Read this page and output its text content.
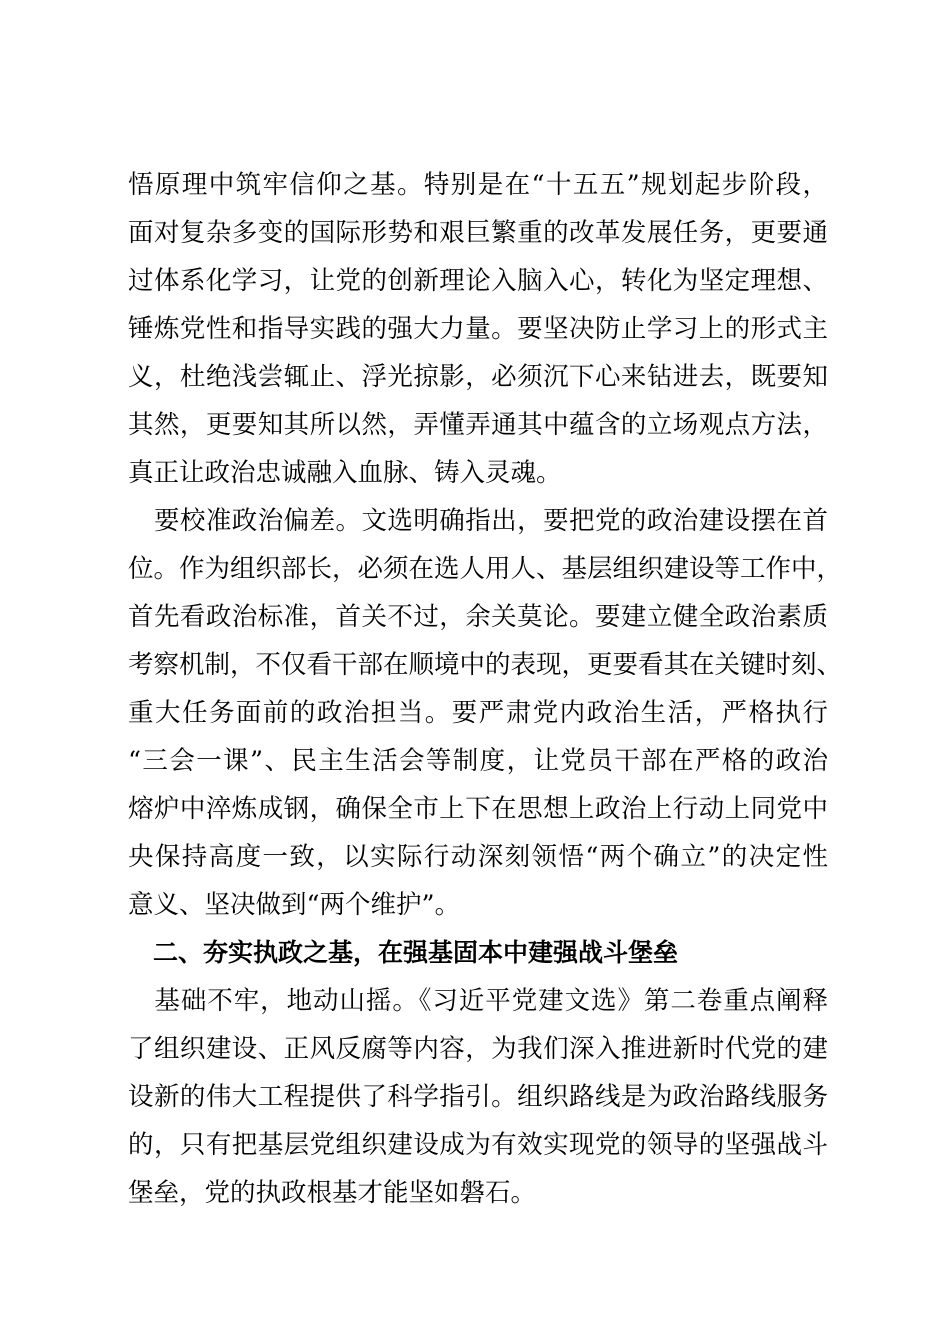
悟原理中筑牢信仰之基。特别是在“十五五”规划起步阶段，
面对复杂多变的国际形势和艰巨繁重的改革发展任务，更要通
过体系化学习，让党的创新理论入脑入心，转化为坚定理想、
锤炼党性和指导实践的强大力量。要坚决防止学习上的形式主
义，杜绝浅尝辄止、浮光掠影，必须沉下心来钻进去，既要知
其然，更要知其所以然，弄懂弄通其中蕴含的立场观点方法，
真正让政治忠诚融入血脉、铸入灵魂。
　要校准政治偏差。文选明确指出，要把党的政治建设摆在首
位。作为组织部长，必须在选人用人、基层组织建设等工作中，
首先看政治标准，首关不过，余关莫论。要建立健全政治素质
考察机制，不仅看干部在顺境中的表现，更要看其在关键时刻、
重大任务面前的政治担当。要严肃党内政治生活，严格执行
“三会一课”、民主生活会等制度，让党员干部在严格的政治
熔炉中淬炼成钢，确保全市上下在思想上政治上行动上同党中
央保持高度一致，以实际行动深刻领悟“两个确立”的决定性
意义、坚决做到“两个维护”。
　二、夯实执政之基，在强基固本中建强战斗堡垒
　基础不牢，地动山摇。《习近平党建文选》第二卷重点阐释
了组织建设、正风反腐等内容，为我们深入推进新时代党的建
设新的伟大工程提供了科学指引。组织路线是为政治路线服务
的，只有把基层党组织建设成为有效实现党的领导的坚强战斗
堡垒，党的执政根基才能坚如磐石。
